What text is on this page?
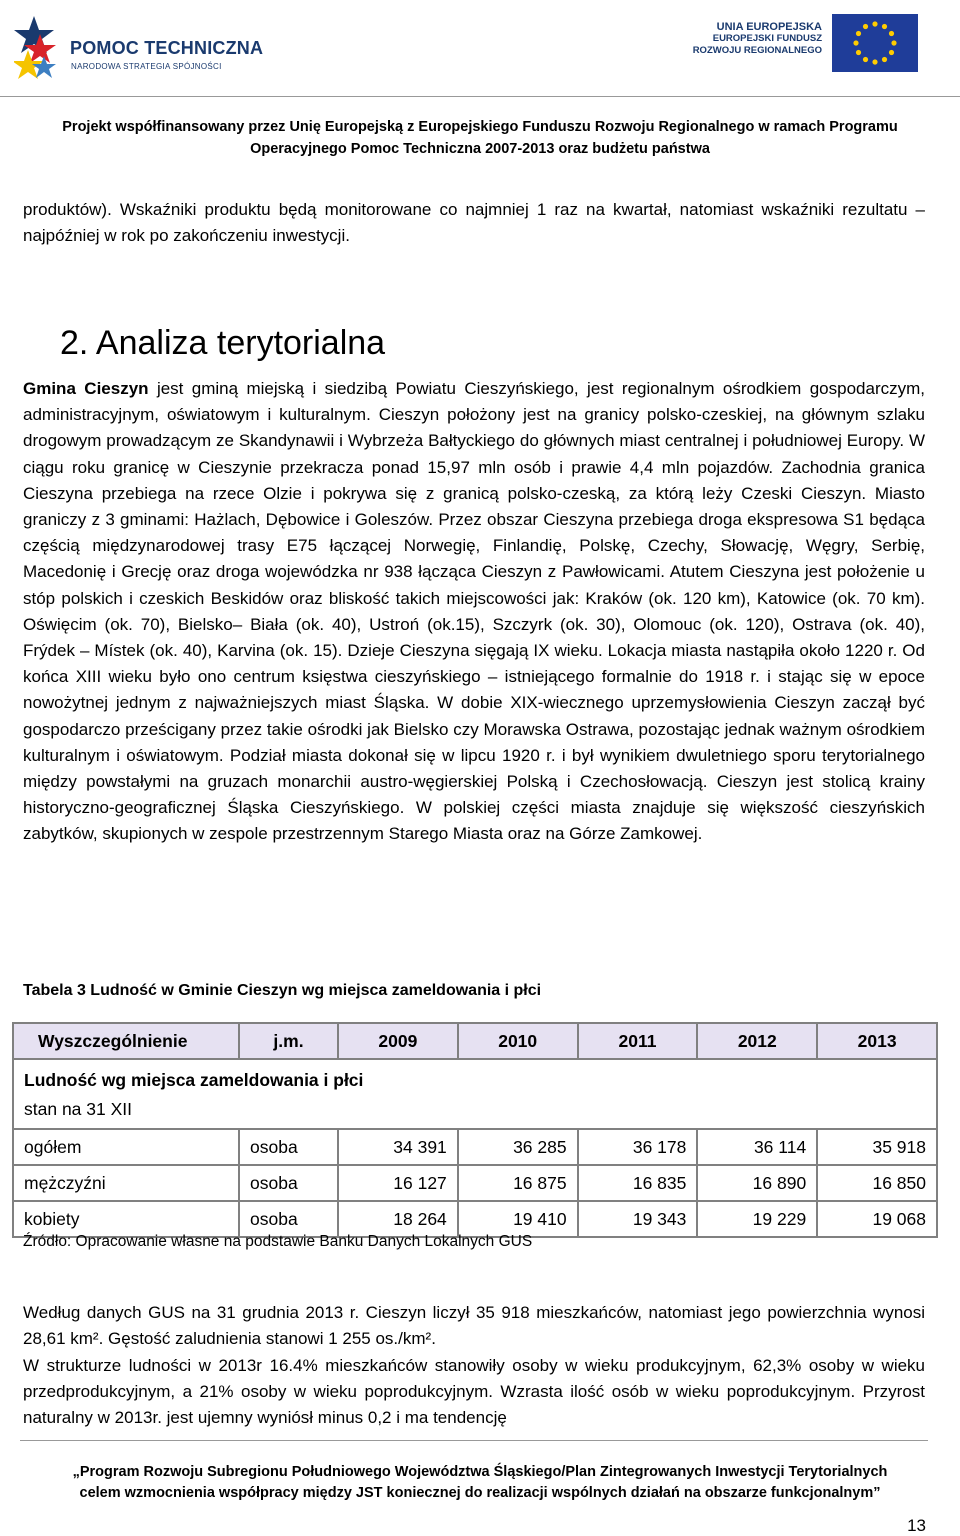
POMOC TECHNICZNA
NARODOWA STRATEGIA SPÓJNOŚCI
UNIA EUROPEJSKA
EUROPEJSKI FUNDUSZ
ROZWOJU REGIONALNEGO
Projekt współfinansowany przez Unię Europejską z Europejskiego Funduszu Rozwoju Regionalnego w ramach Programu
Operacyjnego Pomoc Techniczna 2007-2013 oraz budżetu państwa
produktów). Wskaźniki produktu będą monitorowane co najmniej 1 raz na kwartał, natomiast wskaźniki rezultatu – najpóźniej w rok po zakończeniu inwestycji.
2. Analiza terytorialna
Gmina Cieszyn jest gminą miejską i siedzibą Powiatu Cieszyńskiego, jest regionalnym ośrodkiem gospodarczym, administracyjnym, oświatowym i kulturalnym. Cieszyn położony jest na granicy polsko-czeskiej, na głównym szlaku drogowym prowadzącym ze Skandynawii i Wybrzeża Bałtyckiego do głównych miast centralnej i południowej Europy. W ciągu roku granicę w Cieszynie przekracza ponad 15,97 mln osób i prawie 4,4 mln pojazdów. Zachodnia granica Cieszyna przebiega na rzece Olzie i pokrywa się z granicą polsko-czeską, za którą leży Czeski Cieszyn. Miasto graniczy z 3 gminami: Hażlach, Dębowice i Goleszów. Przez obszar Cieszyna przebiega droga ekspresowa S1 będąca częścią międzynarodowej trasy E75 łączącej Norwegię, Finlandię, Polskę, Czechy, Słowację, Węgry, Serbię, Macedonię i Grecję oraz droga wojewódzka nr 938 łącząca Cieszyn z Pawłowicami. Atutem Cieszyna jest położenie u stóp polskich i czeskich Beskidów oraz bliskość takich miejscowości jak: Kraków (ok. 120 km), Katowice (ok. 70 km). Oświęcim (ok. 70), Bielsko– Biała (ok. 40), Ustroń (ok.15), Szczyrk (ok. 30), Olomouc (ok. 120), Ostrava (ok. 40), Frýdek – Místek (ok. 40), Karvina (ok. 15). Dzieje Cieszyna sięgają IX wieku. Lokacja miasta nastąpiła około 1220 r. Od końca XIII wieku było ono centrum księstwa cieszyńskiego – istniejącego formalnie do 1918 r. i stając się w epoce nowożytnej jednym z najważniejszych miast Śląska. W dobie XIX-wiecznego uprzemysłowienia Cieszyn zaczął być gospodarczo prześcigany przez takie ośrodki jak Bielsko czy Morawska Ostrawa, pozostając jednak ważnym ośrodkiem kulturalnym i oświatowym. Podział miasta dokonał się w lipcu 1920 r. i był wynikiem dwuletniego sporu terytorialnego między powstałymi na gruzach monarchii austro-węgierskiej Polską i Czechosłowacją. Cieszyn jest stolicą krainy historyczno-geograficznej Śląska Cieszyńskiego. W polskiej części miasta znajduje się większość cieszyńskich zabytków, skupionych w zespole przestrzennym Starego Miasta oraz na Górze Zamkowej.
Tabela 3 Ludność w Gminie Cieszyn wg miejsca zameldowania i płci
Wyszczególnienie	j.m.	2009	2010	2011	2012	2013
Ludność wg miejsca zameldowania i płci
stan na 31 XII						
ogółem	osoba	34 391	36 285	36 178	36 114	35 918
mężczyźni	osoba	16 127	16 875	16 835	16 890	16 850
kobiety	osoba	18 264	19 410	19 343	19 229	19 068
Źródło: Opracowanie własne na podstawie Banku Danych Lokalnych GUS
Według danych GUS na 31 grudnia 2013 r. Cieszyn liczył 35 918 mieszkańców, natomiast jego powierzchnia wynosi 28,61 km². Gęstość zaludnienia stanowi 1 255 os./km².
W strukturze ludności w 2013r 16.4% mieszkańców stanowiły osoby w wieku produkcyjnym, 62,3% osoby w wieku przedprodukcyjnym, a 21% osoby w wieku poprodukcyjnym. Wzrasta ilość osób w wieku poprodukcyjnym. Przyrost naturalny w 2013r. jest ujemny wyniósł minus 0,2 i ma tendencję
„Program Rozwoju Subregionu Południowego Województwa Śląskiego/Plan Zintegrowanych Inwestycji Terytorialnych
celem wzmocnienia współpracy między JST koniecznej do realizacji wspólnych działań na obszarze funkcjonalnym”
13
